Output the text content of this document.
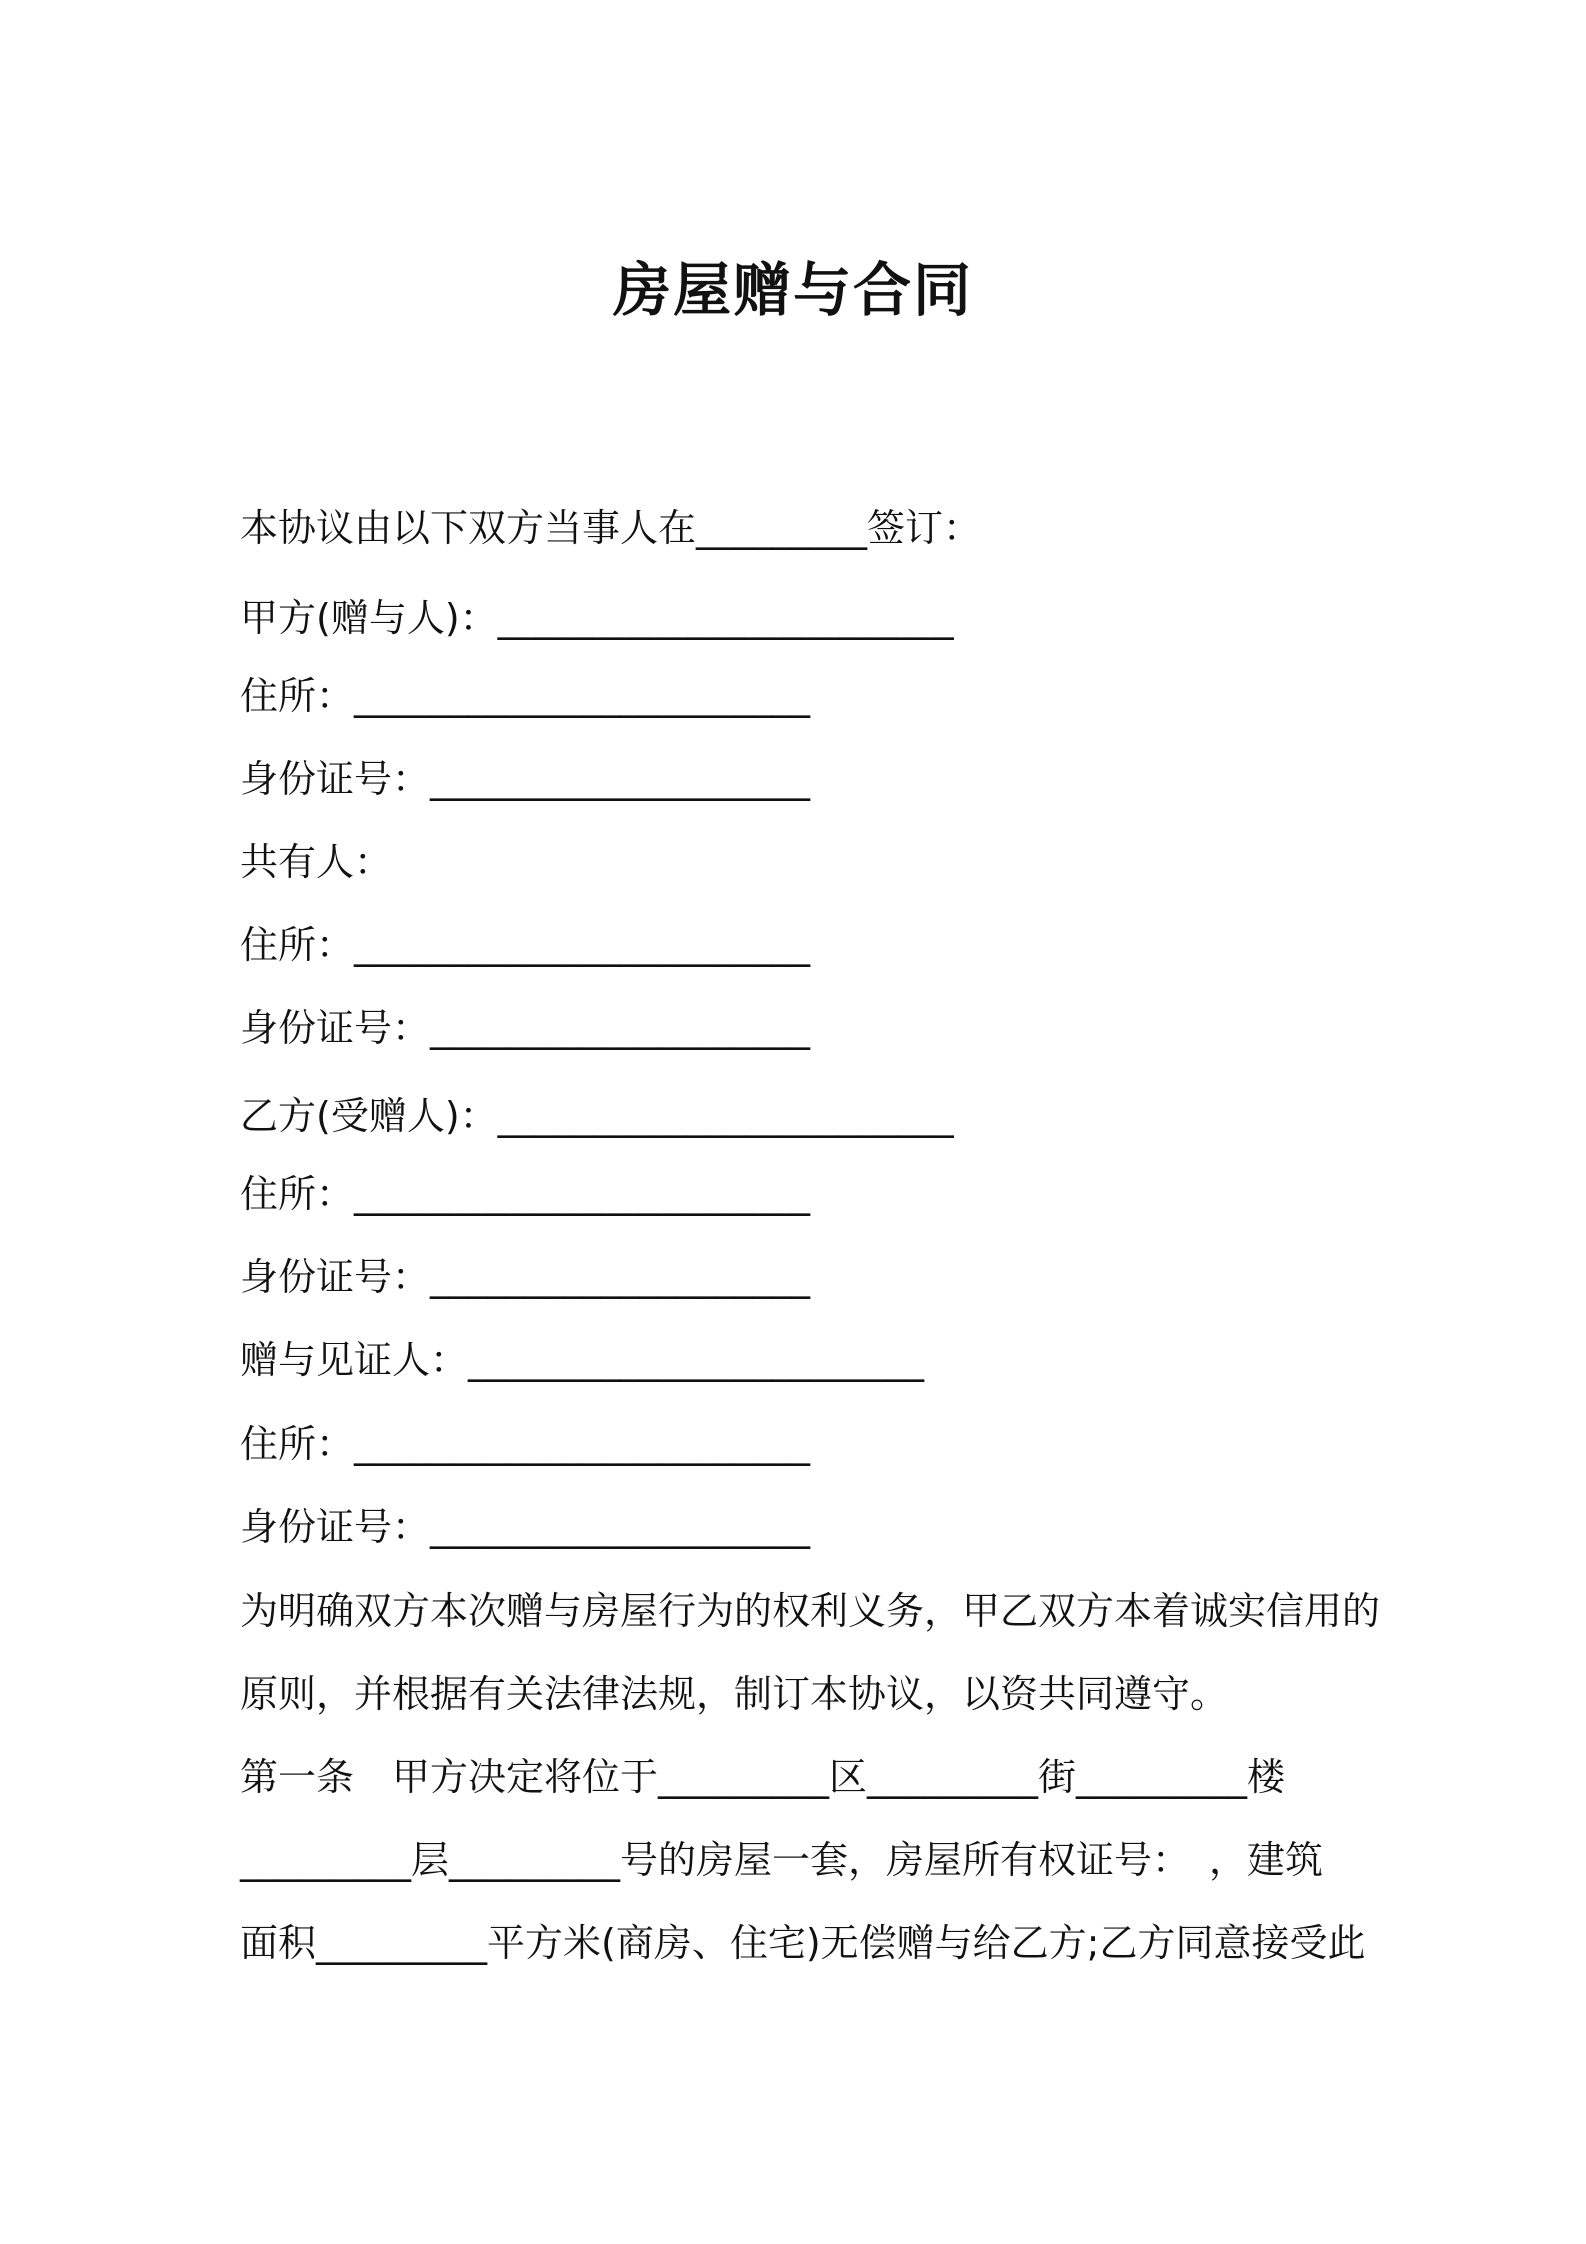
房屋赠与合同
本协议由以下双方当事人在_________签订：
甲方(赠与人)：________________________
住所：________________________
身份证号：____________________
共有人：
住所：________________________
身份证号：____________________
乙方(受赠人)：________________________
住所：________________________
身份证号：____________________
赠与见证人：________________________
住所：________________________
身份证号：____________________
为明确双方本次赠与房屋行为的权利义务，甲乙双方本着诚实信用的
原则，并根据有关法律法规，制订本协议，以资共同遵守。
第一条　甲方决定将位于_________区_________街_________楼
_________层_________号的房屋一套，房屋所有权证号：　，建筑
面积_________平方米(商房、住宅)无偿赠与给乙方;乙方同意接受此
